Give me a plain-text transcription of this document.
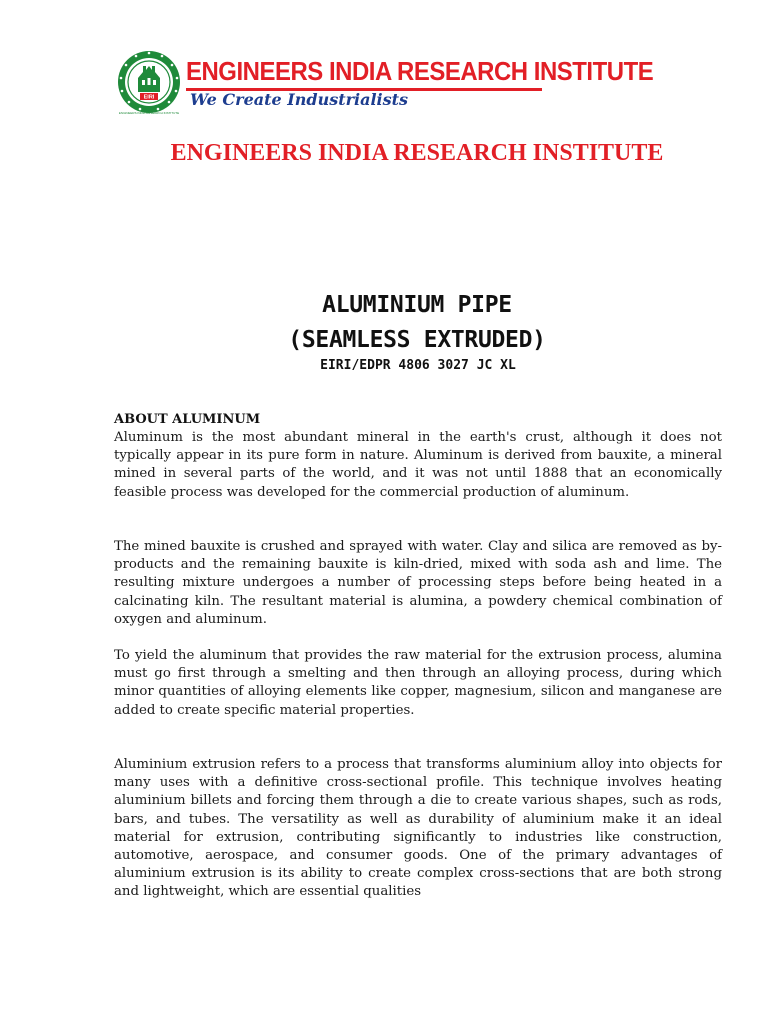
EIRI
ENGINEERS INDIA RESEARCH INSTITUTE
ENGINEERS INDIA RESEARCH INSTITUTE
We Create Industrialists
ENGINEERS INDIA RESEARCH INSTITUTE
ALUMINIUM PIPE
(SEAMLESS EXTRUDED)
EIRI/EDPR 4806 3027 JC XL
ABOUT ALUMINUM

Aluminum is the most abundant mineral in the earth's crust, although it does not typically appear in its pure form in nature. Aluminum is derived from bauxite, a mineral mined in several parts of the world, and it was not until 1888 that an economically feasible process was developed for the commercial production of aluminum.

The mined bauxite is crushed and sprayed with water. Clay and silica are removed as by-products and the remaining bauxite is kiln-dried, mixed with soda ash and lime. The resulting mixture undergoes a number of processing steps before being heated in a calcinating kiln. The resultant material is alumina, a powdery chemical combination of oxygen and aluminum.

To yield the aluminum that provides the raw material for the extrusion process, alumina must go first through a smelting and then through an alloying process, during which minor quantities of alloying elements like copper, magnesium, silicon and manganese are added to create specific material properties.

Aluminium extrusion refers to a process that transforms aluminium alloy into objects for many uses with a definitive cross-sectional profile. This technique involves heating aluminium billets and forcing them through a die to create various shapes, such as rods, bars, and tubes. The versatility as well as durability of aluminium make it an ideal material for extrusion, contributing significantly to industries like construction, automotive, aerospace, and consumer goods. One of the primary advantages of aluminium extrusion is its ability to create complex cross-sections that are both strong and lightweight, which are essential qualities
